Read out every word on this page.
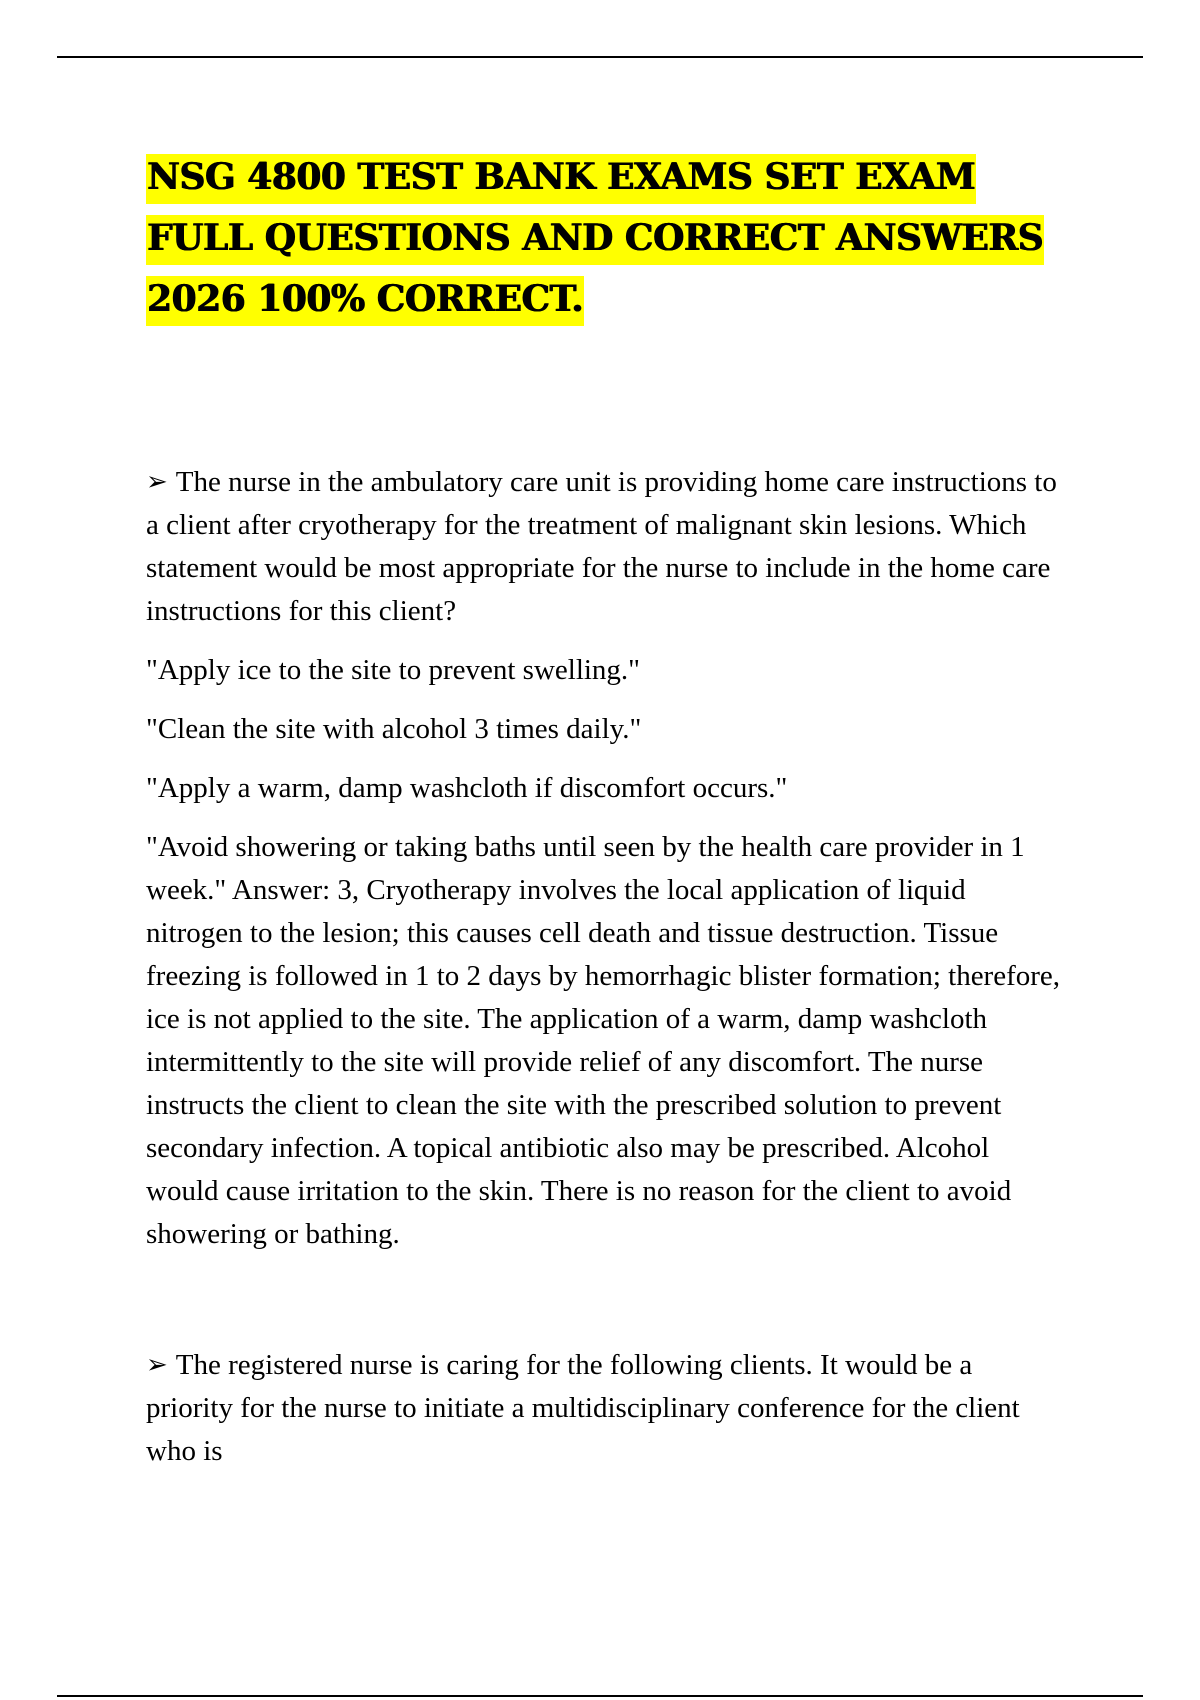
NSG 4800 TEST BANK EXAMS SET EXAM
FULL QUESTIONS AND CORRECT ANSWERS
2026 100% CORRECT.

➢ The nurse in the ambulatory care unit is providing home care instructions to a client after cryotherapy for the treatment of malignant skin lesions. Which statement would be most appropriate for the nurse to include in the home care instructions for this client?

"Apply ice to the site to prevent swelling."

"Clean the site with alcohol 3 times daily."

"Apply a warm, damp washcloth if discomfort occurs."

"Avoid showering or taking baths until seen by the health care provider in 1 week." Answer: 3, Cryotherapy involves the local application of liquid nitrogen to the lesion; this causes cell death and tissue destruction. Tissue freezing is followed in 1 to 2 days by hemorrhagic blister formation; therefore, ice is not applied to the site. The application of a warm, damp washcloth intermittently to the site will provide relief of any discomfort. The nurse instructs the client to clean the site with the prescribed solution to prevent secondary infection. A topical antibiotic also may be prescribed. Alcohol would cause irritation to the skin. There is no reason for the client to avoid showering or bathing.

➢ The registered nurse is caring for the following clients. It would be a priority for the nurse to initiate a multidisciplinary conference for the client who is
